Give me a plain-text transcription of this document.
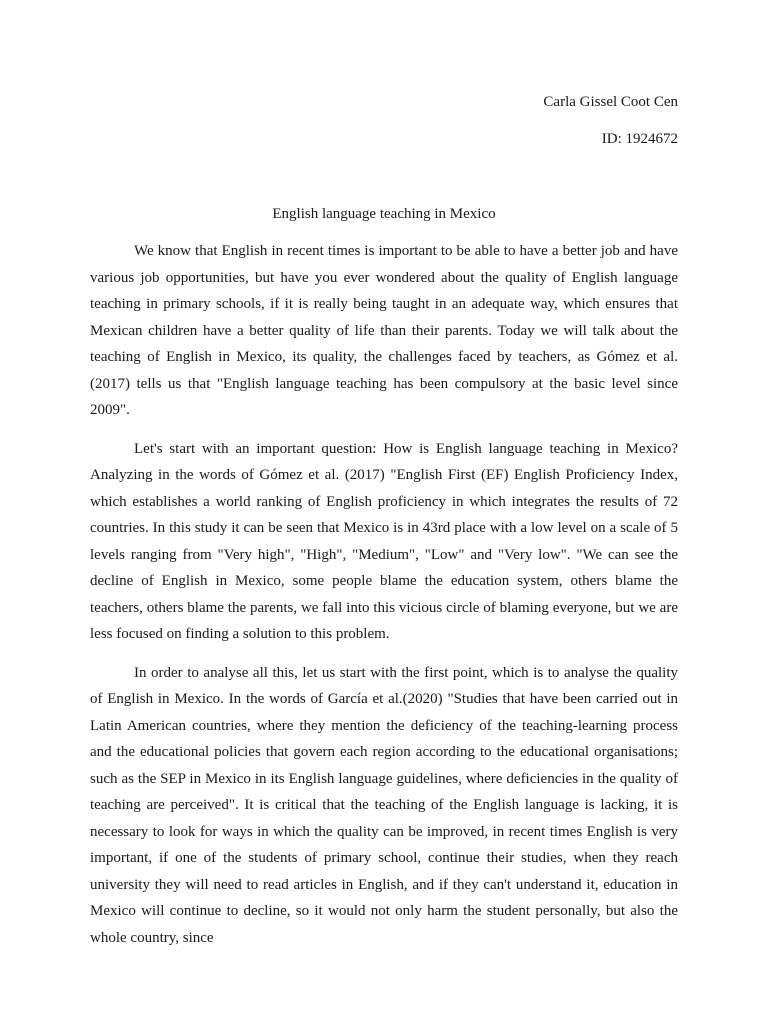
Carla Gissel Coot Cen
ID: 1924672
English language teaching in Mexico

We know that English in recent times is important to be able to have a better job and have various job opportunities, but have you ever wondered about the quality of English language teaching in primary schools, if it is really being taught in an adequate way, which ensures that Mexican children have a better quality of life than their parents. Today we will talk about the teaching of English in Mexico, its quality, the challenges faced by teachers, as Gómez et al.(2017) tells us that "English language teaching has been compulsory at the basic level since 2009".

Let's start with an important question: How is English language teaching in Mexico? Analyzing in the words of Gómez et al. (2017) "English First (EF) English Proficiency Index, which establishes a world ranking of English proficiency in which integrates the results of 72 countries. In this study it can be seen that Mexico is in 43rd place with a low level on a scale of 5 levels ranging from "Very high", "High", "Medium", "Low" and "Very low". "We can see the decline of English in Mexico, some people blame the education system, others blame the teachers, others blame the parents, we fall into this vicious circle of blaming everyone, but we are less focused on finding a solution to this problem.

In order to analyse all this, let us start with the first point, which is to analyse the quality of English in Mexico. In the words of García et al.(2020) "Studies that have been carried out in Latin American countries, where they mention the deficiency of the teaching-learning process and the educational policies that govern each region according to the educational organisations; such as the SEP in Mexico in its English language guidelines, where deficiencies in the quality of teaching are perceived". It is critical that the teaching of the English language is lacking, it is necessary to look for ways in which the quality can be improved, in recent times English is very important, if one of the students of primary school, continue their studies, when they reach university they will need to read articles in English, and if they can't understand it, education in Mexico will continue to decline, so it would not only harm the student personally, but also the whole country, since
